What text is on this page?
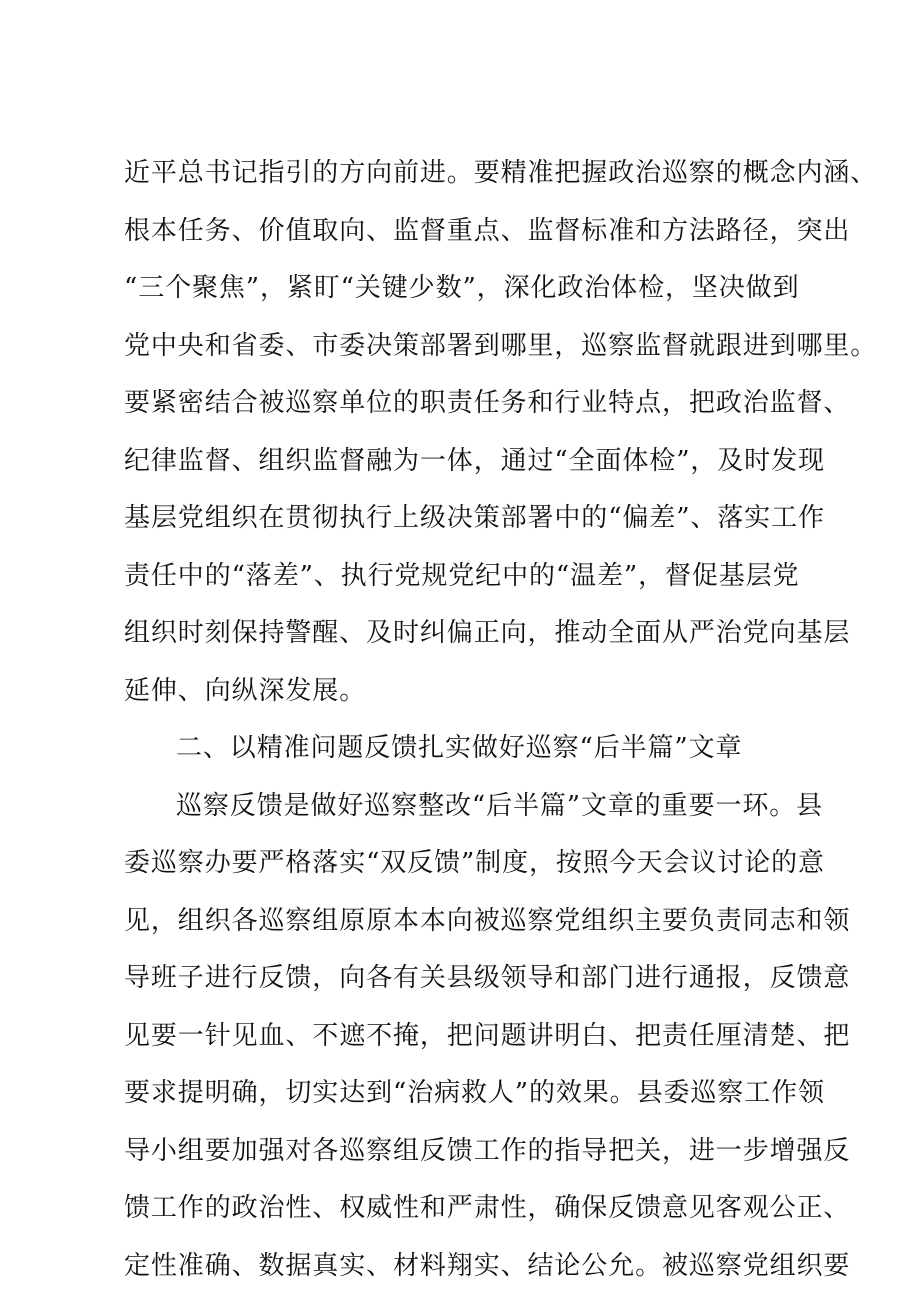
近平总书记指引的方向前进。要精准把握政治巡察的概念内涵、
根本任务、价值取向、监督重点、监督标准和方法路径，突出
“三个聚焦”，紧盯“关键少数”，深化政治体检，坚决做到
党中央和省委、市委决策部署到哪里，巡察监督就跟进到哪里。
要紧密结合被巡察单位的职责任务和行业特点，把政治监督、
纪律监督、组织监督融为一体，通过“全面体检”，及时发现
基层党组织在贯彻执行上级决策部署中的“偏差”、落实工作
责任中的“落差”、执行党规党纪中的“温差”，督促基层党
组织时刻保持警醒、及时纠偏正向，推动全面从严治党向基层
延伸、向纵深发展。
二、以精准问题反馈扎实做好巡察“后半篇”文章
巡察反馈是做好巡察整改“后半篇”文章的重要一环。县
委巡察办要严格落实“双反馈”制度，按照今天会议讨论的意
见，组织各巡察组原原本本向被巡察党组织主要负责同志和领
导班子进行反馈，向各有关县级领导和部门进行通报，反馈意
见要一针见血、不遮不掩，把问题讲明白、把责任厘清楚、把
要求提明确，切实达到“治病救人”的效果。县委巡察工作领
导小组要加强对各巡察组反馈工作的指导把关，进一步增强反
馈工作的政治性、权威性和严肃性，确保反馈意见客观公正、
定性准确、数据真实、材料翔实、结论公允。被巡察党组织要
